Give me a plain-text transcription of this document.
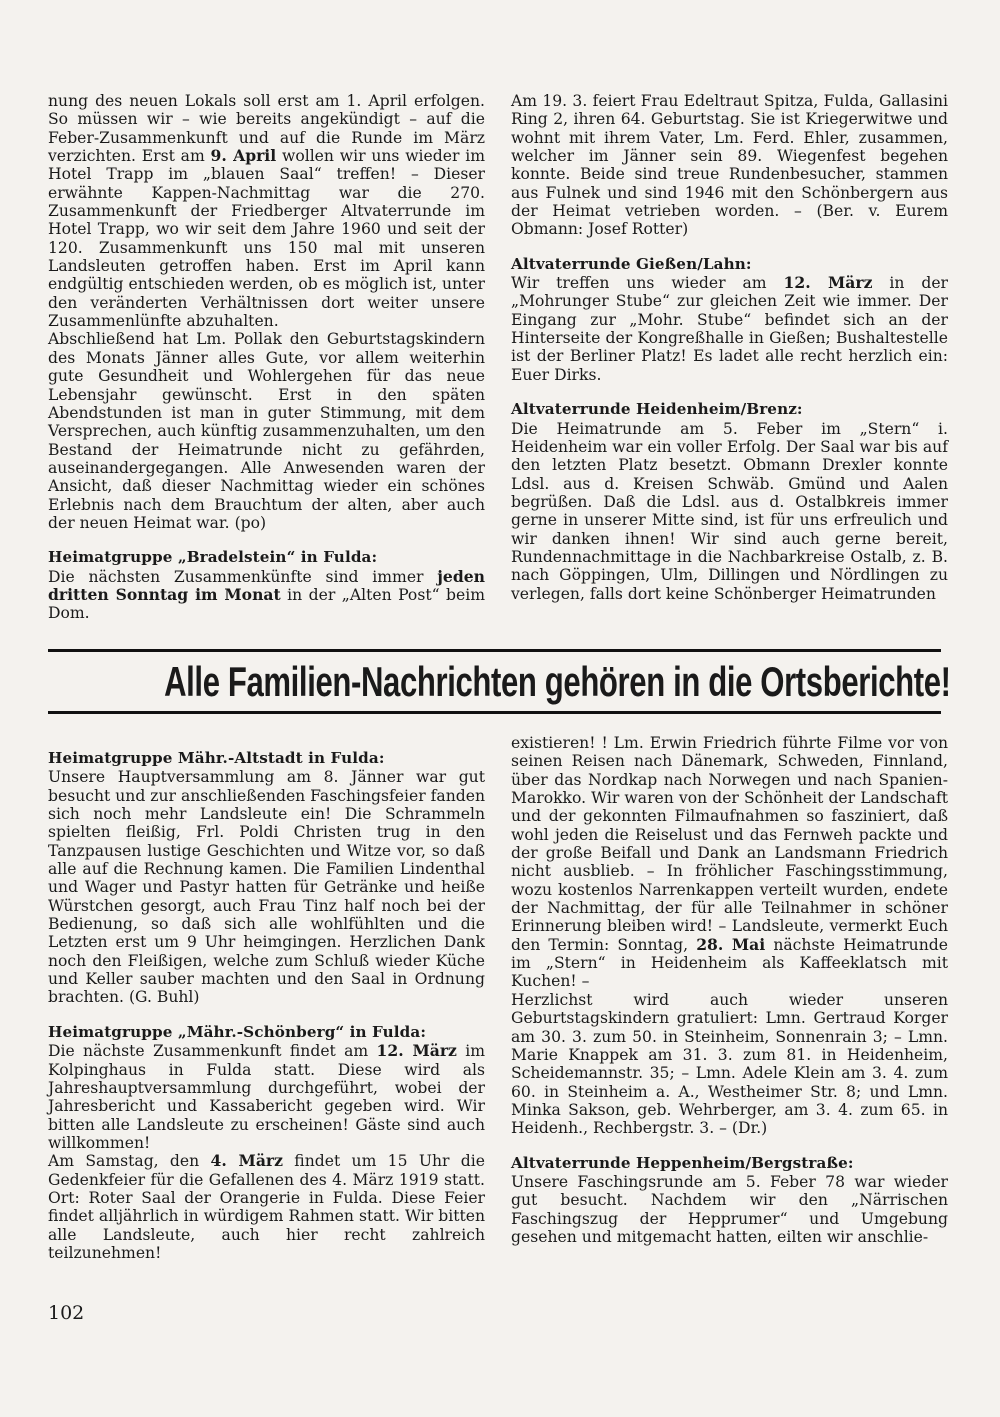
nung des neuen Lokals soll erst am 1. April erfolgen. So müssen wir – wie bereits angekündigt – auf die Feber-Zusammenkunft und auf die Runde im März verzichten. Erst am 9. April wollen wir uns wieder im Hotel Trapp im „blauen Saal“ treffen! – Dieser erwähnte Kappen-Nachmittag war die 270. Zusammenkunft der Friedberger Altvaterrunde im Hotel Trapp, wo wir seit dem Jahre 1960 und seit der 120. Zusammenkunft uns 150 mal mit unseren Landsleuten getroffen haben. Erst im April kann endgültig entschieden werden, ob es möglich ist, unter den veränderten Verhältnissen dort weiter unsere Zusammenlünfte abzuhalten.

Abschließend hat Lm. Pollak den Geburtstagskindern des Monats Jänner alles Gute, vor allem weiterhin gute Gesundheit und Wohlergehen für das neue Lebensjahr gewünscht. Erst in den späten Abendstunden ist man in guter Stimmung, mit dem Versprechen, auch künftig zusammenzuhalten, um den Bestand der Heimatrunde nicht zu gefährden, auseinandergegangen. Alle Anwesenden waren der Ansicht, daß dieser Nachmittag wieder ein schönes Erlebnis nach dem Brauchtum der alten, aber auch der neuen Heimat war. (po)

Heimatgruppe „Bradelstein“ in Fulda:

Die nächsten Zusammenkünfte sind immer jeden dritten Sonntag im Monat in der „Alten Post“ beim Dom.

Am 19. 3. feiert Frau Edeltraut Spitza, Fulda, Gallasini Ring 2, ihren 64. Geburtstag. Sie ist Kriegerwitwe und wohnt mit ihrem Vater, Lm. Ferd. Ehler, zusammen, welcher im Jänner sein 89. Wiegenfest begehen konnte. Beide sind treue Rundenbesucher, stammen aus Fulnek und sind 1946 mit den Schönbergern aus der Heimat vetrieben worden. – (Ber. v. Eurem Obmann: Josef Rotter)

Altvaterrunde Gießen/Lahn:

Wir treffen uns wieder am 12. März in der „Mohrunger Stube“ zur gleichen Zeit wie immer. Der Eingang zur „Mohr. Stube“ befindet sich an der Hinterseite der Kongreßhalle in Gießen; Bushaltestelle ist der Berliner Platz! Es ladet alle recht herzlich ein: Euer Dirks.

Altvaterrunde Heidenheim/Brenz:

Die Heimatrunde am 5. Feber im „Stern“ i. Heidenheim war ein voller Erfolg. Der Saal war bis auf den letzten Platz besetzt. Obmann Drexler konnte Ldsl. aus d. Kreisen Schwäb. Gmünd und Aalen begrüßen. Daß die Ldsl. aus d. Ostalbkreis immer gerne in unserer Mitte sind, ist für uns erfreulich und wir danken ihnen! Wir sind auch gerne bereit, Rundennachmittage in die Nachbarkreise Ostalb, z. B. nach Göppingen, Ulm, Dillingen und Nördlingen zu verlegen, falls dort keine Schönberger Heimatrunden

Alle Familien-Nachrichten gehören in die Ortsberichte!
Heimatgruppe Mähr.-Altstadt in Fulda:

Unsere Hauptversammlung am 8. Jänner war gut besucht und zur anschließenden Faschingsfeier fanden sich noch mehr Landsleute ein! Die Schrammeln spielten fleißig, Frl. Poldi Christen trug in den Tanzpausen lustige Geschichten und Witze vor, so daß alle auf die Rechnung kamen. Die Familien Lindenthal und Wager und Pastyr hatten für Getränke und heiße Würstchen gesorgt, auch Frau Tinz half noch bei der Bedienung, so daß sich alle wohlfühlten und die Letzten erst um 9 Uhr heimgingen. Herzlichen Dank noch den Fleißigen, welche zum Schluß wieder Küche und Keller sauber machten und den Saal in Ordnung brachten. (G. Buhl)

Heimatgruppe „Mähr.-Schönberg“ in Fulda:

Die nächste Zusammenkunft findet am 12. März im Kolpinghaus in Fulda statt. Diese wird als Jahreshauptversammlung durchgeführt, wobei der Jahresbericht und Kassabericht gegeben wird. Wir bitten alle Landsleute zu erscheinen! Gäste sind auch willkommen!

Am Samstag, den 4. März findet um 15 Uhr die Gedenkfeier für die Gefallenen des 4. März 1919 statt. Ort: Roter Saal der Orangerie in Fulda. Diese Feier findet alljährlich in würdigem Rahmen statt. Wir bitten alle Landsleute, auch hier recht zahlreich teilzunehmen!

existieren! ! Lm. Erwin Friedrich führte Filme vor von seinen Reisen nach Dänemark, Schweden, Finnland, über das Nordkap nach Norwegen und nach Spanien-Marokko. Wir waren von der Schönheit der Landschaft und der gekonnten Filmaufnahmen so fasziniert, daß wohl jeden die Reiselust und das Fernweh packte und der große Beifall und Dank an Landsmann Friedrich nicht ausblieb. – In fröhlicher Faschingsstimmung, wozu kostenlos Narrenkappen verteilt wurden, endete der Nachmittag, der für alle Teilnahmer in schöner Erinnerung bleiben wird! – Landsleute, vermerkt Euch den Termin: Sonntag, 28. Mai nächste Heimatrunde im „Stern“ in Heidenheim als Kaffeeklatsch mit Kuchen! –

Herzlichst wird auch wieder unseren Geburtstagskindern gratuliert: Lmn. Gertraud Korger am 30. 3. zum 50. in Steinheim, Sonnenrain 3; – Lmn. Marie Knappek am 31. 3. zum 81. in Heidenheim, Scheidemannstr. 35; – Lmn. Adele Klein am 3. 4. zum 60. in Steinheim a. A., Westheimer Str. 8; und Lmn. Minka Sakson, geb. Wehrberger, am 3. 4. zum 65. in Heidenh., Rechbergstr. 3. – (Dr.)

Altvaterrunde Heppenheim/Bergstraße:

Unsere Faschingsrunde am 5. Feber 78 war wieder gut besucht. Nachdem wir den „Närrischen Faschingszug der Hepprumer“ und Umgebung gesehen und mitgemacht hatten, eilten wir anschlie-

102
